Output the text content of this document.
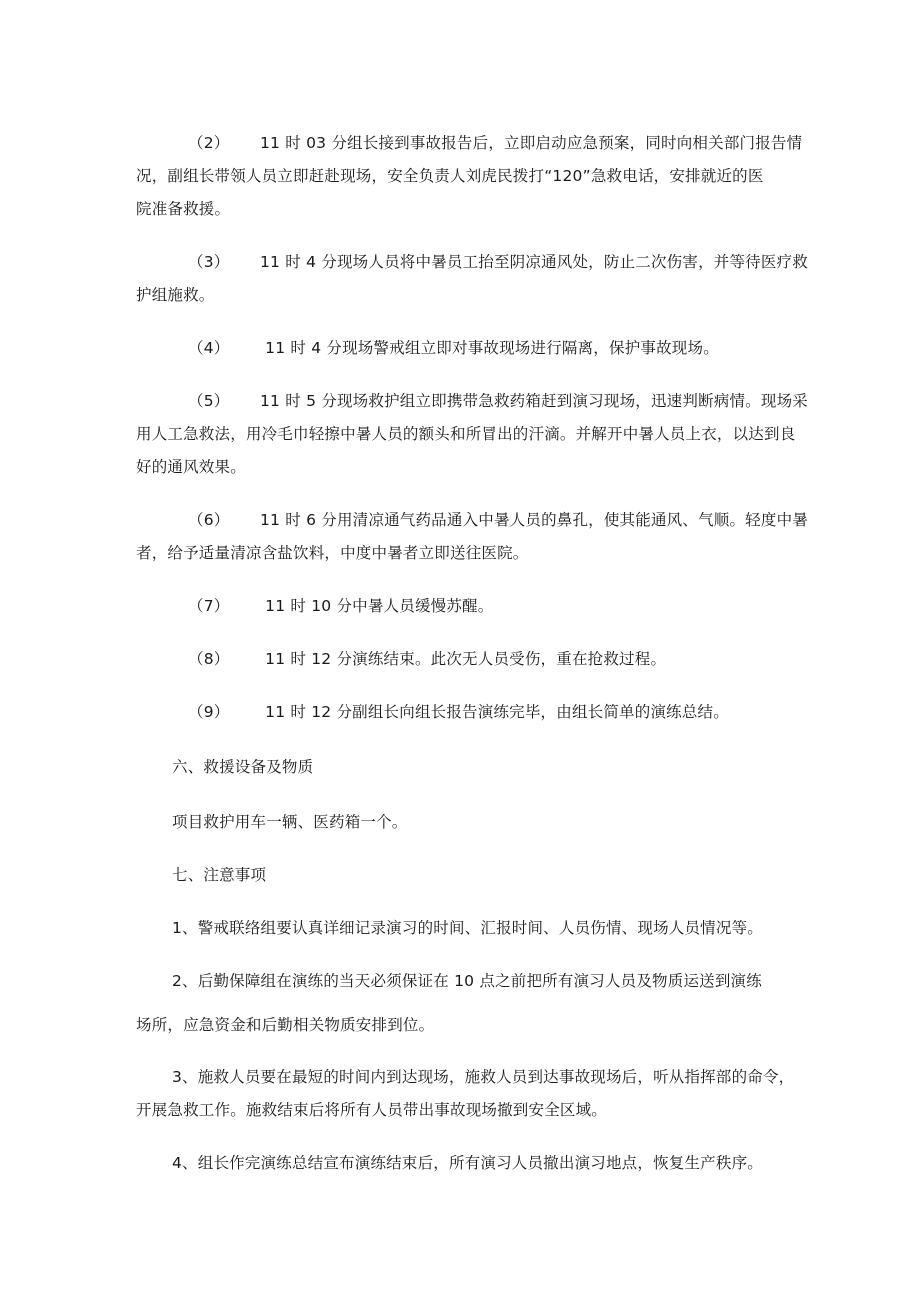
（2） 11 时 03 分组长接到事故报告后，立即启动应急预案，同时向相关部门报告情
况，副组长带领人员立即赶赴现场，安全负责人刘虎民拨打“120”急救电话，安排就近的医
院准备救援。
（3） 11 时 4 分现场人员将中暑员工抬至阴凉通风处，防止二次伤害，并等待医疗救
护组施救。
（4） 11 时 4 分现场警戒组立即对事故现场进行隔离，保护事故现场。
（5） 11 时 5 分现场救护组立即携带急救药箱赶到演习现场，迅速判断病情。现场采
用人工急救法，用冷毛巾轻擦中暑人员的额头和所冒出的汗滴。并解开中暑人员上衣，以达到良
好的通风效果。
（6） 11 时 6 分用清凉通气药品通入中暑人员的鼻孔，使其能通风、气顺。轻度中暑
者，给予适量清凉含盐饮料，中度中暑者立即送往医院。
（7） 11 时 10 分中暑人员缓慢苏醒。
（8） 11 时 12 分演练结束。此次无人员受伤，重在抢救过程。
（9） 11 时 12 分副组长向组长报告演练完毕，由组长简单的演练总结。
六、救援设备及物质
项目救护用车一辆、医药箱一个。
七、注意事项
1、警戒联络组要认真详细记录演习的时间、汇报时间、人员伤情、现场人员情况等。
2、后勤保障组在演练的当天必须保证在 10 点之前把所有演习人员及物质运送到演练
场所，应急资金和后勤相关物质安排到位。
3、施救人员要在最短的时间内到达现场，施救人员到达事故现场后，听从指挥部的命令，
开展急救工作。施救结束后将所有人员带出事故现场撤到安全区域。
4、组长作完演练总结宣布演练结束后，所有演习人员撤出演习地点，恢复生产秩序。
